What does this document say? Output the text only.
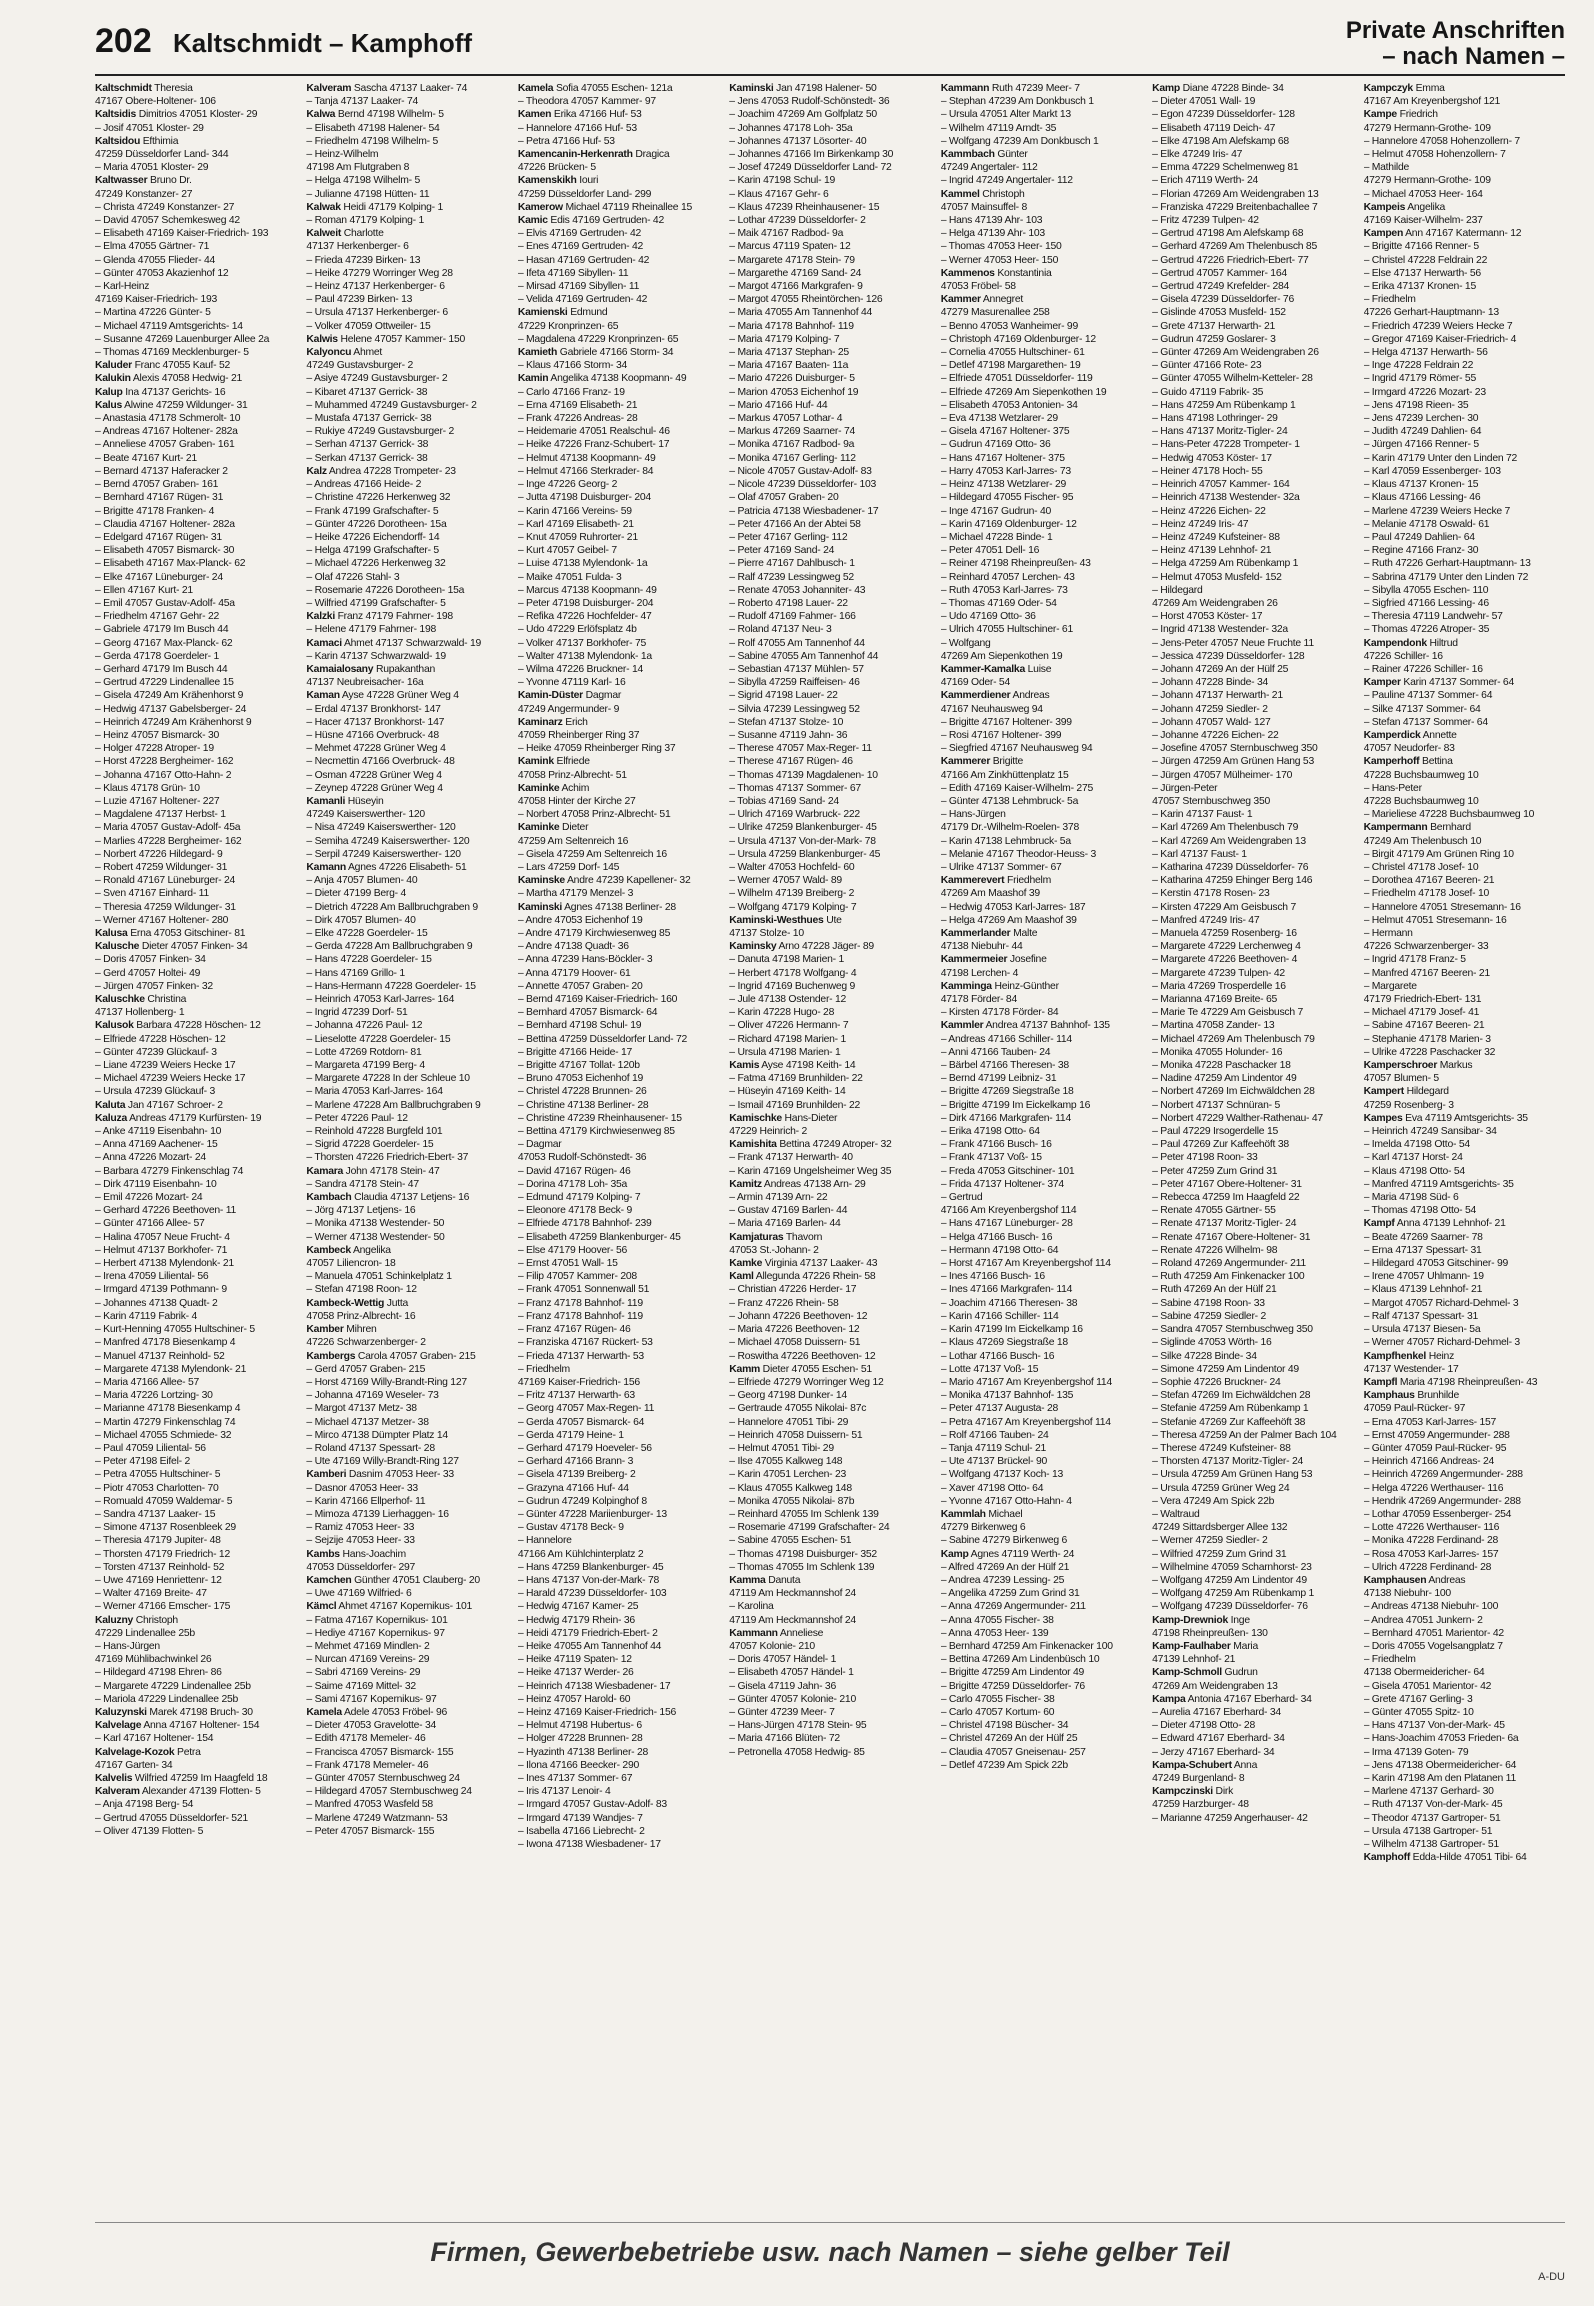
202 Kaltschmidt – Kamphoff	Private Anschriften
– nach Namen –
Kaltschmidt Theresia
47167 Obere-Holtener- 106
Kaltsidis Dimitrios 47051 Kloster- 29
– Josif 47051 Kloster- 29
Kaltsidou Efthimia
47259 Düsseldorfer Land- 344
– Maria 47051 Kloster- 29
Kaltwasser Bruno Dr.
47249 Konstanzer- 27
– Christa 47249 Konstanzer- 27
– David 47057 Schemkesweg 42
– Elisabeth 47169 Kaiser-Friedrich- 193
– Elma 47055 Gärtner- 71
– Glenda 47055 Flieder- 44
– Günter 47053 Akazienhof 12
– Karl-Heinz
47169 Kaiser-Friedrich- 193
– Martina 47226 Günter- 5
– Michael 47119 Amtsgerichts- 14
– Susanne 47269 Lauenburger Allee 2a
– Thomas 47169 Mecklenburger- 5
Kaluder Franc 47055 Kauf- 52
Kalukin Alexis 47058 Hedwig- 21
Kalup Ina 47137 Gerichts- 16
Kalus Alwine 47259 Wildunger- 31
– Anastasia 47178 Schmerolt- 10
– Andreas 47167 Holtener- 282a
– Anneliese 47057 Graben- 161
– Beate 47167 Kurt- 21
– Bernard 47137 Haferacker 2
– Bernd 47057 Graben- 161
– Bernhard 47167 Rügen- 31
– Brigitte 47178 Franken- 4
– Claudia 47167 Holtener- 282a
– Edelgard 47167 Rügen- 31
– Elisabeth 47057 Bismarck- 30
– Elisabeth 47167 Max-Planck- 62
– Elke 47167 Lüneburger- 24
– Ellen 47167 Kurt- 21
– Emil 47057 Gustav-Adolf- 45a
– Friedhelm 47167 Gehr- 22
– Gabriele 47179 Im Busch 44
– Georg 47167 Max-Planck- 62
– Gerda 47178 Goerdeler- 1
– Gerhard 47179 Im Busch 44
– Gertrud 47229 Lindenallee 15
– Gisela 47249 Am Krähenhorst 9
– Hedwig 47137 Gabelsberger- 24
– Heinrich 47249 Am Krähenhorst 9
– Heinz 47057 Bismarck- 30
– Holger 47228 Atroper- 19
– Horst 47228 Bergheimer- 162
– Johanna 47167 Otto-Hahn- 2
– Klaus 47178 Grün- 10
– Luzie 47167 Holtener- 227
– Magdalene 47137 Herbst- 1
– Maria 47057 Gustav-Adolf- 45a
– Marlies 47228 Bergheimer- 162
– Norbert 47226 Hildegard- 9
– Robert 47259 Wildunger- 31
– Ronald 47167 Lüneburger- 24
– Sven 47167 Einhard- 11
– Theresia 47259 Wildunger- 31
– Werner 47167 Holtener- 280
Kalusa Erna 47053 Gitschiner- 81
Kalusche Dieter 47057 Finken- 34
– Doris 47057 Finken- 34
– Gerd 47057 Holtei- 49
– Jürgen 47057 Finken- 32
Kaluschke Christina
47137 Hollenberg- 1
Kalusok Barbara 47228 Höschen- 12
– Elfriede 47228 Höschen- 12
– Günter 47239 Glückauf- 3
– Liane 47239 Weiers Hecke 17
– Michael 47239 Weiers Hecke 17
– Ursula 47239 Glückauf- 3
Kaluta Jan 47167 Schroer- 2
Kaluza Andreas 47179 Kurfürsten- 19
– Anke 47119 Eisenbahn- 10
– Anna 47169 Aachener- 15
– Anna 47226 Mozart- 24
– Barbara 47279 Finkenschlag 74
– Dirk 47119 Eisenbahn- 10
– Emil 47226 Mozart- 24
– Gerhard 47226 Beethoven- 11
– Günter 47166 Allee- 57
– Halina 47057 Neue Frucht- 4
– Helmut 47137 Borkhofer- 71
– Herbert 47138 Mylendonk- 21
– Irena 47059 Liliental- 56
– Irmgard 47139 Pothmann- 9
– Johannes 47138 Quadt- 2
– Karin 47119 Fabrik- 4
– Kurt-Henning 47055 Hultschiner- 5
– Manfred 47178 Biesenkamp 4
– Manuel 47137 Reinhold- 52
– Margarete 47138 Mylendonk- 21
– Maria 47166 Allee- 57
– Maria 47226 Lortzing- 30
– Marianne 47178 Biesenkamp 4
– Martin 47279 Finkenschlag 74
– Michael 47055 Schmiede- 32
– Paul 47059 Liliental- 56
– Peter 47198 Eifel- 2
– Petra 47055 Hultschiner- 5
– Piotr 47053 Charlotten- 70
– Romuald 47059 Waldemar- 5
– Sandra 47137 Laaker- 15
– Simone 47137 Rosenbleek 29
– Theresia 47179 Jupiter- 48
– Thorsten 47179 Friedrich- 12
– Torsten 47137 Reinhold- 52
– Uwe 47169 Henriettenr- 12
– Walter 47169 Breite- 47
– Werner 47166 Emscher- 175
Kaluzny Christoph
47229 Lindenallee 25b
– Hans-Jürgen
47169 Mühlibachwinkel 26
– Hildegard 47198 Ehren- 86
– Margarete 47229 Lindenallee 25b
– Mariola 47229 Lindenallee 25b
Kaluzynski Marek 47198 Bruch- 30
Kalvelage Anna 47167 Holtener- 154
– Karl 47167 Holtener- 154
Kalvelage-Kozok Petra
47167 Garten- 34
Kalvelis Wilfried 47259 Im Haagfeld 18
Kalveram Alexander 47139 Flotten- 5
– Anja 47198 Berg- 54
– Gertrud 47055 Düsseldorfer- 521
– Oliver 47139 Flotten- 5
Kalveram Sascha 47137 Laaker- 74
– Tanja 47137 Laaker- 74
Kalwa Bernd 47198 Wilhelm- 5
– Elisabeth 47198 Halener- 54
– Friedhelm 47198 Wilhelm- 5
– Heinz-Wilhelm
47198 Am Flutgraben 8
– Helga 47198 Wilhelm- 5
– Julianne 47198 Hütten- 11
Kalwak Heidi 47179 Kolping- 1
– Roman 47179 Kolping- 1
Kalweit Charlotte
47137 Herkenberger- 6
– Frieda 47239 Birken- 13
– Heike 47279 Worringer Weg 28
– Heinz 47137 Herkenberger- 6
– Paul 47239 Birken- 13
– Ursula 47137 Herkenberger- 6
– Volker 47059 Ottweiler- 15
Kalwis Helene 47057 Kammer- 150
Kalyoncu Ahmet
47249 Gustavsburger- 2
– Asiye 47249 Gustavsburger- 2
– Kibaret 47137 Gerrick- 38
– Muhammed 47249 Gustavsburger- 2
– Mustafa 47137 Gerrick- 38
– Rukiye 47249 Gustavsburger- 2
– Serhan 47137 Gerrick- 38
– Serkan 47137 Gerrick- 38
Kalz Andrea 47228 Trompeter- 23
– Andreas 47166 Heide- 2
– Christine 47226 Herkenweg 32
– Frank 47199 Grafschafter- 5
– Günter 47226 Dorotheen- 15a
– Heike 47226 Eichendorff- 14
– Helga 47199 Grafschafter- 5
– Michael 47226 Herkenweg 32
– Olaf 47226 Stahl- 3
– Rosemarie 47226 Dorotheen- 15a
– Wilfried 47199 Grafschafter- 5
Kalzki Franz 47179 Fahrner- 198
– Helene 47179 Fahrner- 198
Kamaci Ahmet 47137 Schwarzwald- 19
– Karin 47137 Schwarzwald- 19
Kamaialosany Rupakanthan
47137 Neubreisacher- 16a
Kaman Ayse 47228 Grüner Weg 4
– Erdal 47137 Bronkhorst- 147
– Hacer 47137 Bronkhorst- 147
– Hüsne 47166 Overbruck- 48
– Mehmet 47228 Grüner Weg 4
– Necmettin 47166 Overbruck- 48
– Osman 47228 Grüner Weg 4
– Zeynep 47228 Grüner Weg 4
Kamanli Hüseyin
47249 Kaiserswerther- 120
– Nisa 47249 Kaiserswerther- 120
– Semiha 47249 Kaiserswerther- 120
– Serpil 47249 Kaiserswerther- 120
Kamann Agnes 47226 Elisabeth- 51
– Anja 47057 Blumen- 40
– Dieter 47199 Berg- 4
– Dietrich 47228 Am Ballbruchgraben 9
– Dirk 47057 Blumen- 40
– Elke 47228 Goerdeler- 15
– Gerda 47228 Am Ballbruchgraben 9
– Hans 47228 Goerdeler- 15
– Hans 47169 Grillo- 1
– Hans-Hermann 47228 Goerdeler- 15
– Heinrich 47053 Karl-Jarres- 164
– Ingrid 47239 Dorf- 51
– Johanna 47226 Paul- 12
– Lieselotte 47228 Goerdeler- 15
– Lotte 47269 Rotdorn- 81
– Margareta 47199 Berg- 4
– Margarete 47228 In der Schleue 10
– Maria 47053 Karl-Jarres- 164
– Marlene 47228 Am Ballbruchgraben 9
– Peter 47226 Paul- 12
– Reinhold 47228 Burgfeld 101
– Sigrid 47228 Goerdeler- 15
– Thorsten 47226 Friedrich-Ebert- 37
Kamara John 47178 Stein- 47
– Sandra 47178 Stein- 47
Kambach Claudia 47137 Letjens- 16
– Jörg 47137 Letjens- 16
– Monika 47138 Westender- 50
– Werner 47138 Westender- 50
Kambeck Angelika
47057 Liliencron- 18
– Manuela 47051 Schinkelplatz 1
– Stefan 47198 Roon- 12
Kambeck-Wettig Jutta
47058 Prinz-Albrecht- 16
Kamber Mihren
47226 Schwarzenberger- 2
Kambergs Carola 47057 Graben- 215
– Gerd 47057 Graben- 215
– Horst 47169 Willy-Brandt-Ring 127
– Johanna 47169 Weseler- 73
– Margot 47137 Metz- 38
– Michael 47137 Metzer- 38
– Mirco 47138 Dümpter Platz 14
– Roland 47137 Spessart- 28
– Ute 47169 Willy-Brandt-Ring 127
Kamberi Dasnim 47053 Heer- 33
– Dasnor 47053 Heer- 33
– Karin 47166 Ellperhof- 11
– Mimoza 47139 Lierhaggen- 16
– Ramiz 47053 Heer- 33
– Sejzije 47053 Heer- 33
Kambs Hans-Joachim
47053 Düsseldorfer- 297
Kamchen Günther 47051 Clauberg- 20
– Uwe 47169 Wilfried- 6
Kämcl Ahmet 47167 Kopernikus- 101
– Fatma 47167 Kopernikus- 101
– Hediye 47167 Kopernikus- 97
– Mehmet 47169 Mindlen- 2
– Nurcan 47169 Vereins- 29
– Sabri 47169 Vereins- 29
– Saime 47169 Mittel- 32
– Sami 47167 Kopernikus- 97
Kamela Adele 47053 Fröbel- 96
– Dieter 47053 Gravelotte- 34
– Edith 47178 Memeler- 46
– Francisca 47057 Bismarck- 155
– Frank 47178 Memeler- 46
– Günter 47057 Sternbuschweg 24
– Hildegard 47057 Sternbuschweg 24
– Manfred 47053 Wasfeld 58
– Marlene 47249 Watzmann- 53
– Peter 47057 Bismarck- 155
Kamela Sofia 47055 Eschen- 121a
– Theodora 47057 Kammer- 97
Kamen Erika 47166 Huf- 53
– Hannelore 47166 Huf- 53
– Petra 47166 Huf- 53
Kamencanin-Herkenrath Dragica
47226 Brücken- 5
Kamenskikh Iouri
47259 Düsseldorfer Land- 299
Kamerow Michael 47119 Rheinallee 15
Kamic Edis 47169 Gertruden- 42
– Elvis 47169 Gertruden- 42
– Enes 47169 Gertruden- 42
– Hasan 47169 Gertruden- 42
– Ifeta 47169 Sibyllen- 11
– Mirsad 47169 Sibyllen- 11
– Velida 47169 Gertruden- 42
Kamienski Edmund
47229 Kronprinzen- 65
– Magdalena 47229 Kronprinzen- 65
Kamieth Gabriele 47166 Storm- 34
– Klaus 47166 Storm- 34
Kamin Angelika 47138 Koopmann- 49
– Carlo 47166 Franz- 19
– Erna 47169 Elisabeth- 21
– Frank 47226 Andreas- 28
– Heidemarie 47051 Realschul- 46
– Heike 47226 Franz-Schubert- 17
– Helmut 47138 Koopmann- 49
– Helmut 47166 Sterkrader- 84
– Inge 47226 Georg- 2
– Jutta 47198 Duisburger- 204
– Karin 47166 Vereins- 59
– Karl 47169 Elisabeth- 21
– Knut 47059 Ruhrorter- 21
– Kurt 47057 Geibel- 7
– Luise 47138 Mylendonk- 1a
– Maike 47051 Fulda- 3
– Marcus 47138 Koopmann- 49
– Peter 47198 Duisburger- 204
– Refika 47226 Hochfelder- 47
– Udo 47229 Erlöfsplatz 4b
– Volker 47137 Borkhofer- 75
– Walter 47138 Mylendonk- 1a
– Wilma 47226 Bruckner- 14
– Yvonne 47119 Karl- 16
Kamin-Düster Dagmar
47249 Angermunder- 9
Kaminarz Erich
47059 Rheinberger Ring 37
– Heike 47059 Rheinberger Ring 37
Kamink Elfriede
47058 Prinz-Albrecht- 51
Kaminke Achim
47058 Hinter der Kirche 27
– Norbert 47058 Prinz-Albrecht- 51
Kaminke Dieter
47259 Am Seltenreich 16
– Gisela 47259 Am Seltenreich 16
– Lars 47259 Dorf- 145
Kaminske Andre 47239 Kapellener- 32
– Martha 47179 Menzel- 3
Kaminski Agnes 47138 Berliner- 28
– Andre 47053 Eichenhof 19
– Andre 47179 Kirchwiesenweg 85
– Andre 47138 Quadt- 36
– Anna 47239 Hans-Böckler- 3
– Anna 47179 Hoover- 61
– Annette 47057 Graben- 20
– Bernd 47169 Kaiser-Friedrich- 160
– Bernhard 47057 Bismarck- 64
– Bernhard 47198 Schul- 19
– Bettina 47259 Düsseldorfer Land- 72
– Brigitte 47166 Heide- 17
– Brigitte 47167 Tollat- 120b
– Bruno 47053 Eichenhof 19
– Christel 47228 Brunnen- 26
– Christine 47138 Berliner- 28
– Christine 47239 Rheinhausener- 15
– Bettina 47179 Kirchwiesenweg 85
– Dagmar
47053 Rudolf-Schönstedt- 36
– David 47167 Rügen- 46
– Dorina 47178 Loh- 35a
– Edmund 47179 Kolping- 7
– Eleonore 47178 Beck- 9
– Elfriede 47178 Bahnhof- 239
– Elisabeth 47259 Blankenburger- 45
– Else 47179 Hoover- 56
– Ernst 47051 Wall- 15
– Filip 47057 Kammer- 208
– Frank 47051 Sonnenwall 51
– Franz 47178 Bahnhof- 119
– Franz 47178 Bahnhof- 119
– Franz 47167 Rügen- 46
– Franziska 47167 Rückert- 53
– Frieda 47137 Herwarth- 53
– Friedhelm
47169 Kaiser-Friedrich- 156
– Fritz 47137 Herwarth- 63
– Georg 47057 Max-Regen- 11
– Gerda 47057 Bismarck- 64
– Gerda 47179 Heine- 1
– Gerhard 47179 Hoeveler- 56
– Gerhard 47166 Brann- 3
– Gisela 47139 Breiberg- 2
– Grazyna 47166 Huf- 44
– Gudrun 47249 Kolpinghof 8
– Günter 47228 Mariienburger- 13
– Gustav 47178 Beck- 9
– Hannelore
47166 Am Kühlchinterplatz 2
– Hans 47259 Blankenburger- 45
– Hans 47137 Von-der-Mark- 78
– Harald 47239 Düsseldorfer- 103
– Hedwig 47167 Kamer- 25
– Hedwig 47179 Rhein- 36
– Heidi 47179 Friedrich-Ebert- 2
– Heike 47055 Am Tannenhof 44
– Heike 47119 Spaten- 12
– Heike 47137 Werder- 26
– Heinrich 47138 Wiesbadener- 17
– Heinz 47057 Harold- 60
– Heinz 47169 Kaiser-Friedrich- 156
– Helmut 47198 Hubertus- 6
– Holger 47228 Brunnen- 28
– Hyazinth 47138 Berliner- 28
– Ilona 47166 Beecker- 290
– Ines 47137 Sommer- 67
– Iris 47137 Lenoir- 4
– Irmgard 47057 Gustav-Adolf- 83
– Irmgard 47139 Wandjes- 7
– Isabella 47166 Liebrecht- 2
– Iwona 47138 Wiesbadener- 17
Kaminski Jan 47198 Halener- 50
– Jens 47053 Rudolf-Schönstedt- 36
– Joachim 47269 Am Golfplatz 50
– Johannes 47178 Loh- 35a
– Johannes 47137 Lösorter- 40
– Johannes 47166 Im Birkenkamp 30
– Josef 47249 Düsseldorfer Land- 72
– Karin 47198 Schul- 19
– Klaus 47167 Gehr- 6
– Klaus 47239 Rheinhausener- 15
– Lothar 47239 Düsseldorfer- 2
– Maik 47167 Radbod- 9a
– Marcus 47119 Spaten- 12
– Margarete 47178 Stein- 79
– Margarethe 47169 Sand- 24
– Margot 47166 Markgrafen- 9
– Margot 47055 Rheintörchen- 126
– Maria 47055 Am Tannenhof 44
– Maria 47178 Bahnhof- 119
– Maria 47179 Kolping- 7
– Maria 47137 Stephan- 25
– Maria 47167 Baaten- 11a
– Mario 47226 Duisburger- 5
– Marion 47053 Eichenhof 19
– Mario 47166 Huf- 44
– Markus 47057 Lothar- 4
– Markus 47269 Saarner- 74
– Monika 47167 Radbod- 9a
– Monika 47167 Gerling- 112
– Nicole 47057 Gustav-Adolf- 83
– Nicole 47239 Düsseldorfer- 103
– Olaf 47057 Graben- 20
– Patricia 47138 Wiesbadener- 17
– Peter 47166 An der Abtei 58
– Peter 47167 Gerling- 112
– Peter 47169 Sand- 24
– Pierre 47167 Dahlbusch- 1
– Ralf 47239 Lessingweg 52
– Renate 47053 Johanniter- 43
– Roberto 47198 Lauer- 22
– Rudolf 47169 Fahmer- 166
– Roland 47137 Neu- 3
– Rolf 47055 Am Tannenhof 44
– Sabine 47055 Am Tannenhof 44
– Sebastian 47137 Mühlen- 57
– Sibylla 47259 Raiffeisen- 46
– Sigrid 47198 Lauer- 22
– Silvia 47239 Lessingweg 52
– Stefan 47137 Stolze- 10
– Susanne 47119 Jahn- 36
– Therese 47057 Max-Reger- 11
– Therese 47167 Rügen- 46
– Thomas 47139 Magdalenen- 10
– Thomas 47137 Sommer- 67
– Tobias 47169 Sand- 24
– Ulrich 47169 Warbruck- 222
– Ulrike 47259 Blankenburger- 45
– Ursula 47137 Von-der-Mark- 78
– Ursula 47259 Blankenburger- 45
– Walter 47053 Hochfeld- 60
– Werner 47057 Wald- 89
– Wilhelm 47139 Breiberg- 2
– Wolfgang 47179 Kolping- 7
Kaminski-Westhues Ute
47137 Stolze- 10
Kaminsky Arno 47228 Jäger- 89
– Danuta 47198 Marien- 1
– Herbert 47178 Wolfgang- 4
– Ingrid 47169 Buchenweg 9
– Jule 47138 Ostender- 12
– Karin 47228 Hugo- 28
– Oliver 47226 Hermann- 7
– Richard 47198 Marien- 1
– Ursula 47198 Marien- 1
Kamis Ayse 47198 Keith- 14
– Fatma 47169 Brunhilden- 22
– Hüseyin 47169 Keith- 14
– Ismail 47169 Brunhilden- 22
Kamischke Hans-Dieter
47229 Heinrich- 2
Kamishita Bettina 47249 Atroper- 32
– Frank 47137 Herwarth- 40
– Karin 47169 Ungelsheimer Weg 35
Kamitz Andreas 47138 Arn- 29
– Armin 47139 Arn- 22
– Gustav 47169 Barlen- 44
– Maria 47169 Barlen- 44
Kamjaturas Thavorn
47053 St.-Johann- 2
Kamke Virginia 47137 Laaker- 43
Kaml Allegunda 47226 Rhein- 58
– Christian 47226 Herder- 17
– Franz 47226 Rhein- 58
– Johann 47226 Beethoven- 12
– Maria 47226 Beethoven- 12
– Michael 47058 Duissern- 51
– Roswitha 47226 Beethoven- 12
Kamm Dieter 47055 Eschen- 51
– Elfriede 47279 Worringer Weg 12
– Georg 47198 Dunker- 14
– Gertraude 47055 Nikolai- 87c
– Hannelore 47051 Tibi- 29
– Heinrich 47058 Duissern- 51
– Helmut 47051 Tibi- 29
– Ilse 47055 Kalkweg 148
– Karin 47051 Lerchen- 23
– Klaus 47055 Kalkweg 148
– Monika 47055 Nikolai- 87b
– Reinhard 47055 Im Schlenk 139
– Rosemarie 47199 Grafschafter- 24
– Sabine 47055 Eschen- 51
– Thomas 47198 Duisburger- 352
– Thomas 47055 Im Schlenk 139
Kamma Danuta
47119 Am Heckmannshof 24
– Karolina
47119 Am Heckmannshof 24
Kammann Anneliese
47057 Kolonie- 210
– Doris 47057 Händel- 1
– Elisabeth 47057 Händel- 1
– Gisela 47119 Jahn- 36
– Günter 47057 Kolonie- 210
– Günter 47239 Meer- 7
– Hans-Jürgen 47178 Stein- 95
– Maria 47166 Blüten- 72
– Petronella 47058 Hedwig- 85
Kammann Ruth 47239 Meer- 7
– Stephan 47239 Am Donkbusch 1
– Ursula 47051 Alter Markt 13
– Wilhelm 47119 Arndt- 35
– Wolfgang 47239 Am Donkbusch 1
Kammbach Günter
47249 Angertaler- 112
– Ingrid 47249 Angertaler- 112
Kammel Christoph
47057 Mainsuffel- 8
– Hans 47139 Ahr- 103
– Helga 47139 Ahr- 103
– Thomas 47053 Heer- 150
– Werner 47053 Heer- 150
Kammenos Konstantinia
47053 Fröbel- 58
Kammer Annegret
47279 Masurenallee 258
– Benno 47053 Wanheimer- 99
– Christoph 47169 Oldenburger- 12
– Cornelia 47055 Hultschiner- 61
– Detlef 47198 Margarethen- 19
– Elfriede 47051 Düsseldorfer- 119
– Elfriede 47269 Am Siepenkothen 19
– Elisabeth 47053 Antonien- 34
– Eva 47138 Wetzlarer- 29
– Gisela 47167 Holtener- 375
– Gudrun 47169 Otto- 36
– Hans 47167 Holtener- 375
– Harry 47053 Karl-Jarres- 73
– Heinz 47138 Wetzlarer- 29
– Hildegard 47055 Fischer- 95
– Inge 47167 Gudrun- 40
– Karin 47169 Oldenburger- 12
– Michael 47228 Binde- 1
– Peter 47051 Dell- 16
– Reiner 47198 Rheinpreußen- 43
– Reinhard 47057 Lerchen- 43
– Ruth 47053 Karl-Jarres- 73
– Thomas 47169 Oder- 54
– Udo 47169 Otto- 36
– Ulrich 47055 Hultschiner- 61
– Wolfgang
47269 Am Siepenkothen 19
Kammer-Kamalka Luise
47169 Oder- 54
Kammerdiener Andreas
47167 Neuhausweg 94
– Brigitte 47167 Holtener- 399
– Rosi 47167 Holtener- 399
– Siegfried 47167 Neuhausweg 94
Kammerer Brigitte
47166 Am Zinkhüttenplatz 15
– Edith 47169 Kaiser-Wilhelm- 275
– Günter 47138 Lehmbruck- 5a
– Hans-Jürgen
47179 Dr.-Wilhelm-Roelen- 378
– Karin 47138 Lehmbruck- 5a
– Melanie 47167 Theodor-Heuss- 3
– Ulrike 47137 Sommer- 67
Kammerevert Friedhelm
47269 Am Maashof 39
– Hedwig 47053 Karl-Jarres- 187
– Helga 47269 Am Maashof 39
Kammerlander Malte
47138 Niebuhr- 44
Kammermeier Josefine
47198 Lerchen- 4
Kamminga Heinz-Günther
47178 Förder- 84
– Kirsten 47178 Förder- 84
Kammler Andrea 47137 Bahnhof- 135
– Andreas 47166 Schiller- 114
– Anni 47166 Tauben- 24
– Bärbel 47166 Theresen- 38
– Bernd 47199 Leibniz- 31
– Brigitte 47269 Siegstraße 18
– Brigitte 47199 Im Eickelkamp 16
– Dirk 47166 Markgrafen- 114
– Erika 47198 Otto- 64
– Frank 47166 Busch- 16
– Frank 47137 Voß- 15
– Freda 47053 Gitschiner- 101
– Frida 47137 Holtener- 374
– Gertrud
47166 Am Kreyenbergshof 114
– Hans 47167 Lüneburger- 28
– Helga 47166 Busch- 16
– Hermann 47198 Otto- 64
– Horst 47167 Am Kreyenbergshof 114
– Ines 47166 Busch- 16
– Ines 47166 Markgrafen- 114
– Joachim 47166 Theresen- 38
– Karin 47166 Schiller- 114
– Karin 47199 Im Eickelkamp 16
– Klaus 47269 Siegstraße 18
– Lothar 47166 Busch- 16
– Lotte 47137 Voß- 15
– Mario 47167 Am Kreyenbergshof 114
– Monika 47137 Bahnhof- 135
– Peter 47137 Augusta- 28
– Petra 47167 Am Kreyenbergshof 114
– Rolf 47166 Tauben- 24
– Tanja 47119 Schul- 21
– Ute 47137 Brückel- 90
– Wolfgang 47137 Koch- 13
– Xaver 47198 Otto- 64
– Yvonne 47167 Otto-Hahn- 4
Kammlah Michael
47279 Birkenweg 6
– Sabine 47279 Birkenweg 6
Kamp Agnes 47119 Werth- 24
– Alfred 47269 An der Hülf 21
– Andrea 47239 Lessing- 25
– Angelika 47259 Zum Grind 31
– Anna 47269 Angermunder- 211
– Anna 47055 Fischer- 38
– Anna 47053 Heer- 139
– Bernhard 47259 Am Finkenacker 100
– Bettina 47269 Am Lindenbüsch 10
– Brigitte 47259 Am Lindentor 49
– Brigitte 47259 Düsseldorfer- 76
– Carlo 47055 Fischer- 38
– Carlo 47057 Kortum- 60
– Christel 47198 Büscher- 34
– Christel 47269 An der Hülf 25
– Claudia 47057 Gneisenau- 257
– Detlef 47239 Am Spick 22b
Kamp Diane 47228 Binde- 34
– Dieter 47051 Wall- 19
– Egon 47239 Düsseldorfer- 128
– Elisabeth 47119 Deich- 47
– Elke 47198 Am Alefskamp 68
– Elke 47249 Iris- 47
– Emma 47229 Schelmenweg 81
– Erich 47119 Werth- 24
– Florian 47269 Am Weidengraben 13
– Franziska 47229 Breitenbachallee 7
– Fritz 47239 Tulpen- 42
– Gertrud 47198 Am Alefskamp 68
– Gerhard 47269 Am Thelenbusch 85
– Gertrud 47226 Friedrich-Ebert- 77
– Gertrud 47057 Kammer- 164
– Gertrud 47249 Krefelder- 284
– Gisela 47239 Düsseldorfer- 76
– Gislinde 47053 Musfeld- 152
– Grete 47137 Herwarth- 21
– Gudrun 47259 Goslarer- 3
– Günter 47269 Am Weidengraben 26
– Günter 47166 Rote- 23
– Günter 47055 Wilhelm-Ketteler- 28
– Guido 47119 Fabrik- 35
– Hans 47259 Am Rübenkamp 1
– Hans 47198 Lothringer- 29
– Hans 47137 Moritz-Tigler- 24
– Hans-Peter 47228 Trompeter- 1
– Hedwig 47053 Köster- 17
– Heiner 47178 Hoch- 55
– Heinrich 47057 Kammer- 164
– Heinrich 47138 Westender- 32a
– Heinz 47226 Eichen- 22
– Heinz 47249 Iris- 47
– Heinz 47249 Kufsteiner- 88
– Heinz 47139 Lehnhof- 21
– Helga 47259 Am Rübenkamp 1
– Helmut 47053 Musfeld- 152
– Hildegard
47269 Am Weidengraben 26
– Horst 47053 Köster- 17
– Ingrid 47138 Westender- 32a
– Jens-Peter 47057 Neue Fruchte 11
– Jessica 47239 Düsseldorfer- 128
– Johann 47269 An der Hülf 25
– Johann 47228 Binde- 34
– Johann 47137 Herwarth- 21
– Johann 47259 Siedler- 2
– Johann 47057 Wald- 127
– Johanne 47226 Eichen- 22
– Josefine 47057 Sternbuschweg 350
– Jürgen 47259 Am Grünen Hang 53
– Jürgen 47057 Mülheimer- 170
– Jürgen-Peter
47057 Sternbuschweg 350
– Karin 47137 Faust- 1
– Karl 47269 Am Thelenbusch 79
– Karl 47269 Am Weidengraben 13
– Karl 47137 Faust- 1
– Katharina 47239 Düsseldorfer- 76
– Katharina 47259 Ehinger Berg 146
– Kerstin 47178 Rosen- 23
– Kirsten 47229 Am Geisbusch 7
– Manfred 47249 Iris- 47
– Manuela 47259 Rosenberg- 16
– Margarete 47229 Lerchenweg 4
– Margarete 47226 Beethoven- 4
– Margarete 47239 Tulpen- 42
– Maria 47269 Trosperdelle 16
– Marianna 47169 Breite- 65
– Marie Te 47229 Am Geisbusch 7
– Martina 47058 Zander- 13
– Michael 47269 Am Thelenbusch 79
– Monika 47055 Holunder- 16
– Monika 47228 Paschacker 18
– Nadine 47259 Am Lindentor 49
– Norbert 47269 Im Eichwäldchen 28
– Norbert 47137 Schnüran- 5
– Norbert 47229 Walther-Rathenau- 47
– Paul 47229 Irsogerdelle 15
– Paul 47269 Zur Kaffeehöft 38
– Peter 47198 Roon- 33
– Peter 47259 Zum Grind 31
– Peter 47167 Obere-Holtener- 31
– Rebecca 47259 Im Haagfeld 22
– Renate 47055 Gärtner- 55
– Renate 47137 Moritz-Tigler- 24
– Renate 47167 Obere-Holtener- 31
– Renate 47226 Wilhelm- 98
– Roland 47269 Angermunder- 211
– Ruth 47259 Am Finkenacker 100
– Ruth 47269 An der Hülf 21
– Sabine 47198 Roon- 33
– Sabine 47259 Siedler- 2
– Sandra 47057 Sternbuschweg 350
– Siglinde 47053 Wörth- 16
– Silke 47228 Binde- 34
– Simone 47259 Am Lindentor 49
– Sophie 47226 Bruckner- 24
– Stefan 47269 Im Eichwäldchen 28
– Stefanie 47259 Am Rübenkamp 1
– Stefanie 47269 Zur Kaffeehöft 38
– Theresa 47259 An der Palmer Bach 104
– Therese 47249 Kufsteiner- 88
– Thorsten 47137 Moritz-Tigler- 24
– Ursula 47259 Am Grünen Hang 53
– Ursula 47259 Grüner Weg 24
– Vera 47249 Am Spick 22b
– Waltraud
47249 Sittardsberger Allee 132
– Werner 47259 Siedler- 2
– Wilfried 47259 Zum Grind 31
– Wilhelmine 47059 Scharnhorst- 23
– Wolfgang 47259 Am Lindentor 49
– Wolfgang 47259 Am Rübenkamp 1
– Wolfgang 47239 Düsseldorfer- 76
Kamp-Drewniok Inge
47198 Rheinpreußen- 130
Kamp-Faulhaber Maria
47139 Lehnhof- 21
Kamp-Schmoll Gudrun
47269 Am Weidengraben 13
Kampa Antonia 47167 Eberhard- 34
– Aurelia 47167 Eberhard- 34
– Dieter 47198 Otto- 28
– Edward 47167 Eberhard- 34
– Jerzy 47167 Eberhard- 34
Kampa-Schubert Anna
47249 Burgenland- 8
Kampczinski Dirk
47259 Harzburger- 48
– Marianne 47259 Angerhauser- 42
Kampczyk Emma
47167 Am Kreyenbergshof 121
Kampe Friedrich
47279 Hermann-Grothe- 109
– Hannelore 47058 Hohenzollern- 7
– Helmut 47058 Hohenzollern- 7
– Mathilde
47279 Hermann-Grothe- 109
– Michael 47053 Heer- 164
Kampeis Angelika
47169 Kaiser-Wilhelm- 237
Kampen Ann 47167 Katermann- 12
– Brigitte 47166 Renner- 5
– Christel 47228 Feldrain 22
– Else 47137 Herwarth- 56
– Erika 47137 Kronen- 15
– Friedhelm
47226 Gerhart-Hauptmann- 13
– Friedrich 47239 Weiers Hecke 7
– Gregor 47169 Kaiser-Friedrich- 4
– Helga 47137 Herwarth- 56
– Inge 47228 Feldrain 22
– Ingrid 47179 Römer- 55
– Irmgard 47226 Mozart- 23
– Jens 47198 Rieen- 35
– Jens 47239 Lerchen- 30
– Judith 47249 Dahlien- 64
– Jürgen 47166 Renner- 5
– Karin 47179 Unter den Linden 72
– Karl 47059 Essenberger- 103
– Klaus 47137 Kronen- 15
– Klaus 47166 Lessing- 46
– Marlene 47239 Weiers Hecke 7
– Melanie 47178 Oswald- 61
– Paul 47249 Dahlien- 64
– Regine 47166 Franz- 30
– Ruth 47226 Gerhart-Hauptmann- 13
– Sabrina 47179 Unter den Linden 72
– Sibylla 47055 Eschen- 110
– Sigfried 47166 Lessing- 46
– Theresia 47119 Landwehr- 57
– Thomas 47226 Atroper- 35
Kampendonk Hiltrud
47226 Schiller- 16
– Rainer 47226 Schiller- 16
Kamper Karin 47137 Sommer- 64
– Pauline 47137 Sommer- 64
– Silke 47137 Sommer- 64
– Stefan 47137 Sommer- 64
Kamperdick Annette
47057 Neudorfer- 83
Kamperhoff Bettina
47228 Buchsbaumweg 10
– Hans-Peter
47228 Buchsbaumweg 10
– Marieliese 47228 Buchsbaumweg 10
Kampermann Bernhard
47249 Am Thelenbusch 10
– Birgit 47179 Am Grünen Ring 10
– Christel 47178 Josef- 10
– Dorothea 47167 Beeren- 21
– Friedhelm 47178 Josef- 10
– Hannelore 47051 Stresemann- 16
– Helmut 47051 Stresemann- 16
– Hermann
47226 Schwarzenberger- 33
– Ingrid 47178 Franz- 5
– Manfred 47167 Beeren- 21
– Margarete
47179 Friedrich-Ebert- 131
– Michael 47179 Josef- 41
– Sabine 47167 Beeren- 21
– Stephanie 47178 Marien- 3
– Ulrike 47228 Paschacker 32
Kamperschroer Markus
47057 Blumen- 5
Kampert Hildegard
47259 Rosenberg- 3
Kampes Eva 47119 Amtsgerichts- 35
– Heinrich 47249 Sansibar- 34
– Imelda 47198 Otto- 54
– Karl 47137 Horst- 24
– Klaus 47198 Otto- 54
– Manfred 47119 Amtsgerichts- 35
– Maria 47198 Süd- 6
– Thomas 47198 Otto- 54
Kampf Anna 47139 Lehnhof- 21
– Beate 47269 Saarner- 78
– Erna 47137 Spessart- 31
– Hildegard 47053 Gitschiner- 99
– Irene 47057 Uhlmann- 19
– Klaus 47139 Lehnhof- 21
– Margot 47057 Richard-Dehmel- 3
– Ralf 47137 Spessart- 31
– Ursula 47137 Biesen- 5a
– Werner 47057 Richard-Dehmel- 3
Kampfhenkel Heinz
47137 Westender- 17
Kampfl Maria 47198 Rheinpreußen- 43
Kamphaus Brunhilde
47059 Paul-Rücker- 97
– Erna 47053 Karl-Jarres- 157
– Ernst 47059 Angermunder- 288
– Günter 47059 Paul-Rücker- 95
– Heinrich 47166 Andreas- 24
– Heinrich 47269 Angermunder- 288
– Helga 47226 Werthauser- 116
– Hendrik 47269 Angermunder- 288
– Lothar 47059 Essenberger- 254
– Lotte 47226 Werthauser- 116
– Monika 47228 Ferdinand- 28
– Rosa 47053 Karl-Jarres- 157
– Ulrich 47228 Ferdinand- 28
Kamphausen Andreas
47138 Niebuhr- 100
– Andreas 47138 Niebuhr- 100
– Andrea 47051 Junkern- 2
– Bernhard 47051 Marientor- 42
– Doris 47055 Vogelsangplatz 7
– Friedhelm
47138 Obermeidericher- 64
– Gisela 47051 Marientor- 42
– Grete 47167 Gerling- 3
– Günter 47055 Spitz- 10
– Hans 47137 Von-der-Mark- 45
– Hans-Joachim 47053 Frieden- 6a
– Irma 47139 Goten- 79
– Jens 47138 Obermeidericher- 64
– Karin 47198 Am den Platanen 11
– Marlene 47137 Gerhard- 30
– Ruth 47137 Von-der-Mark- 45
– Theodor 47137 Gartroper- 51
– Ursula 47138 Gartroper- 51
– Wilhelm 47138 Gartroper- 51
Kamphoff Edda-Hilde 47051 Tibi- 64
Firmen, Gewerbebetriebe usw. nach Namen – siehe gelber Teil
A-DU
